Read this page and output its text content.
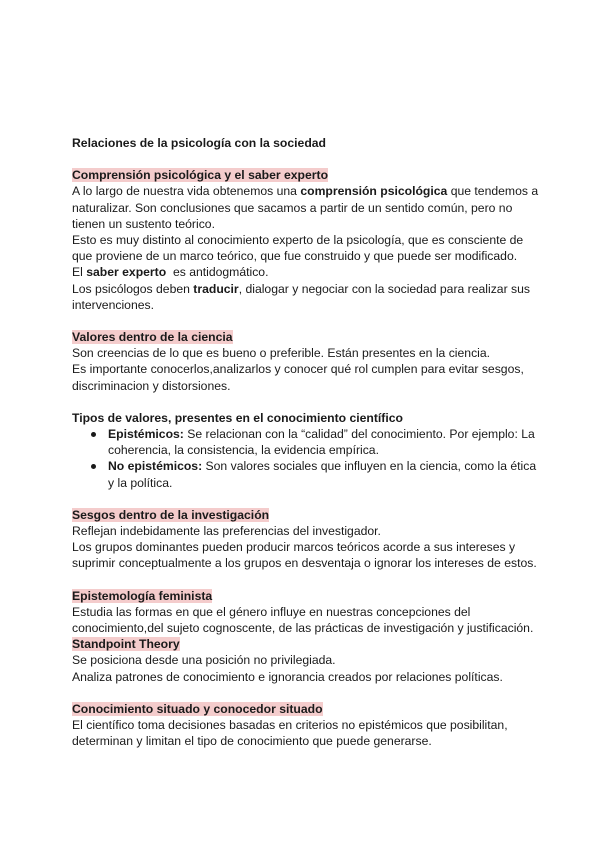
Relaciones de la psicología con la sociedad

Comprensión psicológica y el saber experto

A lo largo de nuestra vida obtenemos una comprensión psicológica que tendemos a naturalizar. Son conclusiones que sacamos a partir de un sentido común, pero no tienen un sustento teórico.

Esto es muy distinto al conocimiento experto de la psicología, que es consciente de que proviene de un marco teórico, que fue construido y que puede ser modificado.

El saber experto  es antidogmático.

Los psicólogos deben traducir, dialogar y negociar con la sociedad para realizar sus intervenciones.

Valores dentro de la ciencia

Son creencias de lo que es bueno o preferible. Están presentes en la ciencia.

Es importante conocerlos,analizarlos y conocer qué rol cumplen para evitar sesgos, discriminacion y distorsiones.

Tipos de valores, presentes en el conocimiento científico

Epistémicos: Se relacionan con la “calidad” del conocimiento. Por ejemplo: La coherencia, la consistencia, la evidencia empírica.
No epistémicos: Son valores sociales que influyen en la ciencia, como la ética y la política.

Sesgos dentro de la investigación

Reflejan indebidamente las preferencias del investigador.

Los grupos dominantes pueden producir marcos teóricos acorde a sus intereses y suprimir conceptualmente a los grupos en desventaja o ignorar los intereses de estos.

Epistemología feminista

Estudia las formas en que el género influye en nuestras concepciones del conocimiento,del sujeto cognoscente, de las prácticas de investigación y justificación.

Standpoint Theory

Se posiciona desde una posición no privilegiada.

Analiza patrones de conocimiento e ignorancia creados por relaciones políticas.

Conocimiento situado y conocedor situado

El científico toma decisiones basadas en criterios no epistémicos que posibilitan, determinan y limitan el tipo de conocimiento que puede generarse.
